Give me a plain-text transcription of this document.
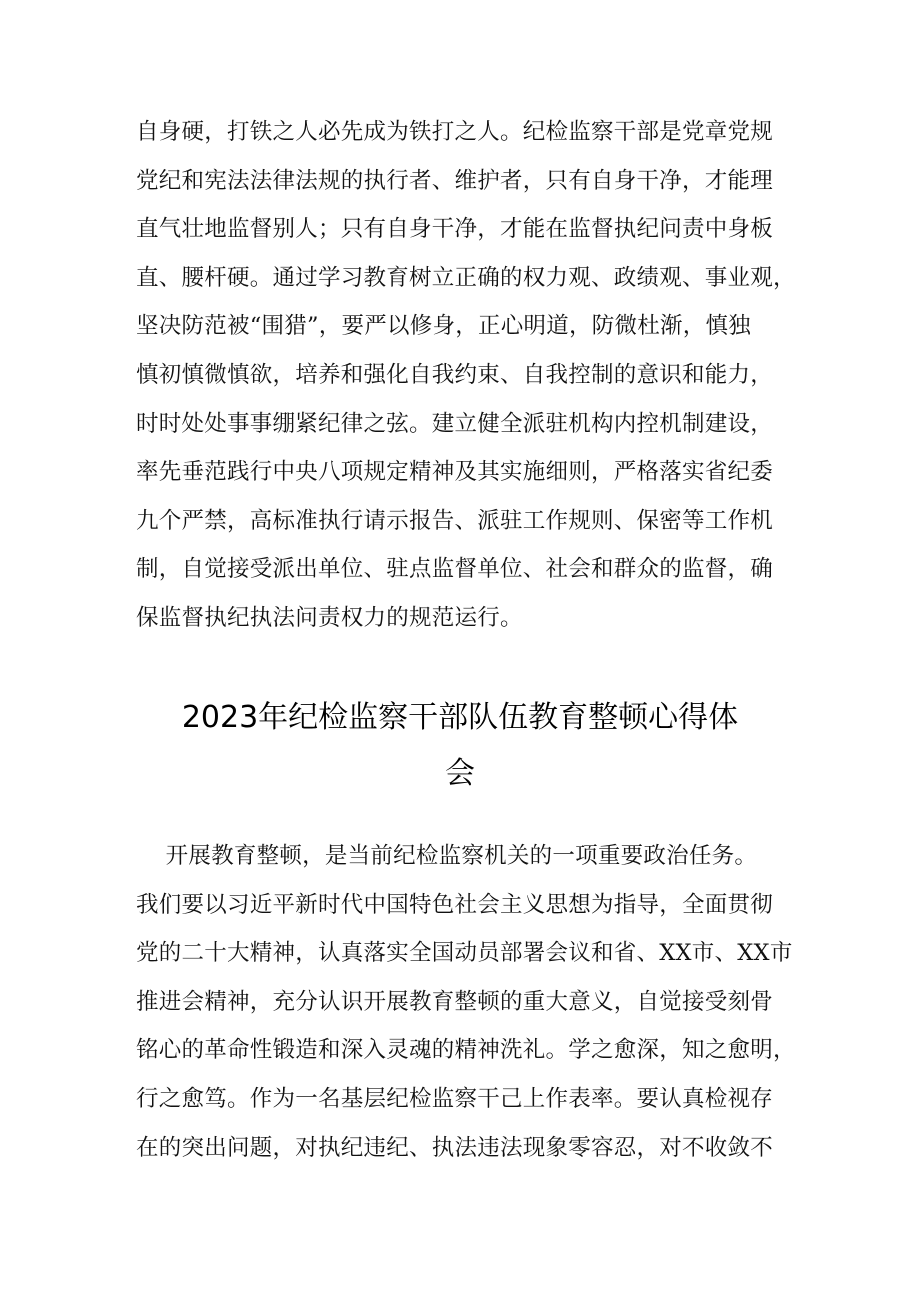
自身硬，打铁之人必先成为铁打之人。纪检监察干部是党章党规
党纪和宪法法律法规的执行者、维护者，只有自身干净，才能理
直气壮地监督别人；只有自身干净，才能在监督执纪问责中身板
直、腰杆硬。通过学习教育树立正确的权力观、政绩观、事业观，
坚决防范被“围猎”，要严以修身，正心明道，防微杜渐，慎独
慎初慎微慎欲，培养和强化自我约束、自我控制的意识和能力，
时时处处事事绷紧纪律之弦。建立健全派驻机构内控机制建设，
率先垂范践行中央八项规定精神及其实施细则，严格落实省纪委
九个严禁，高标准执行请示报告、派驻工作规则、保密等工作机
制，自觉接受派出单位、驻点监督单位、社会和群众的监督，确
保监督执纪执法问责权力的规范运行。
2023年纪检监察干部队伍教育整顿心得体
会
开展教育整顿，是当前纪检监察机关的一项重要政治任务。
我们要以习近平新时代中国特色社会主义思想为指导，全面贯彻
党的二十大精神，认真落实全国动员部署会议和省、XX市、XX市
推进会精神，充分认识开展教育整顿的重大意义，自觉接受刻骨
铭心的革命性锻造和深入灵魂的精神洗礼。学之愈深，知之愈明，
行之愈笃。作为一名基层纪检监察干己上作表率。要认真检视存
在的突出问题，对执纪违纪、执法违法现象零容忍，对不收敛不
